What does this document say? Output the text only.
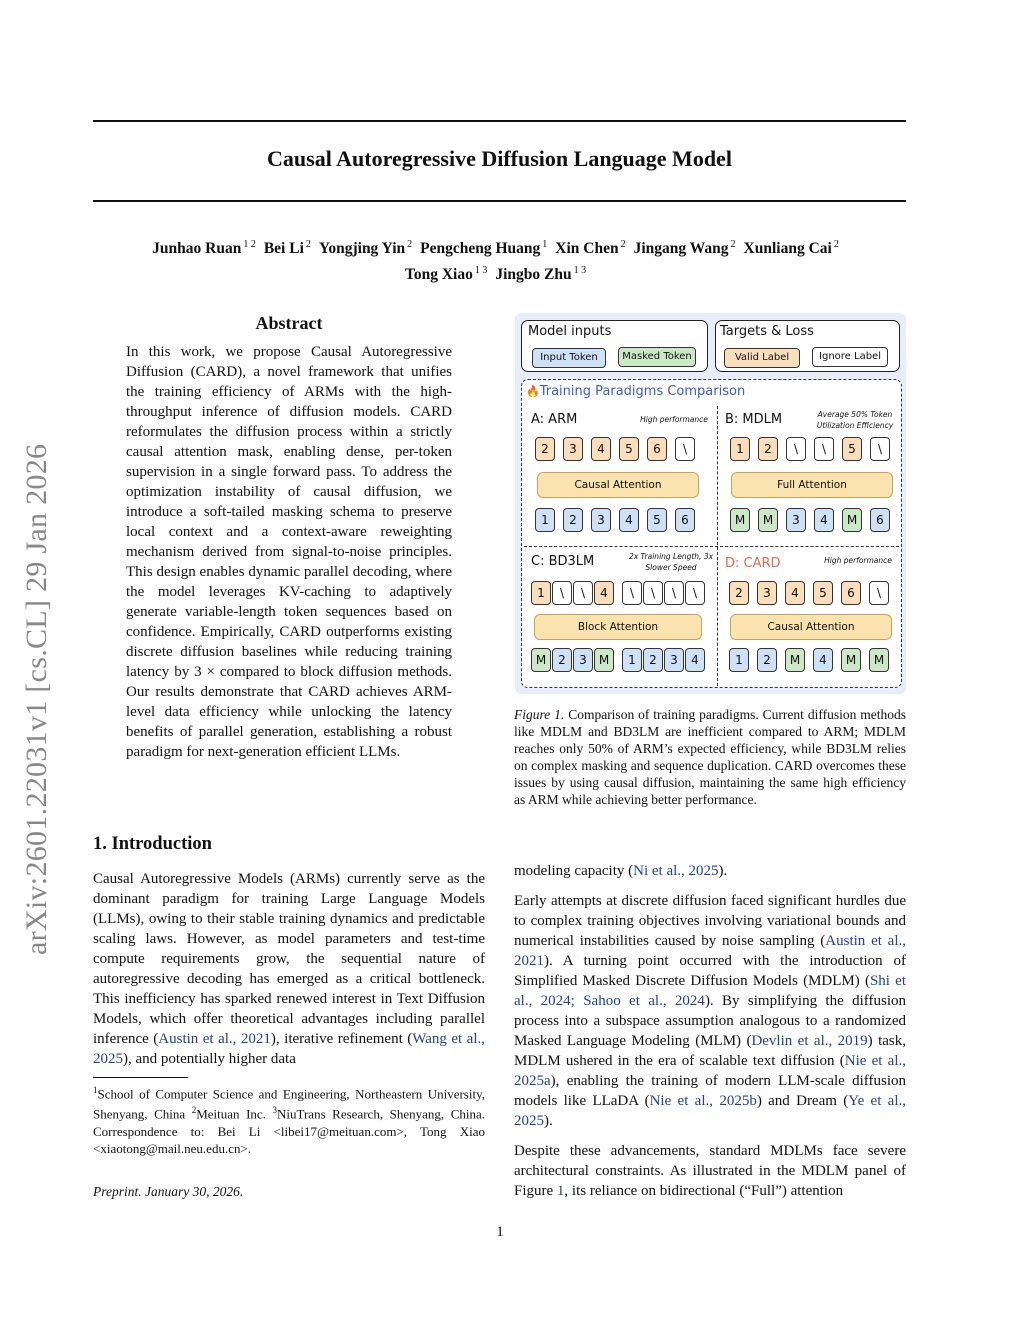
Causal Autoregressive Diffusion Language Model
Junhao Ruan $^{1 2}$ Bei Li $^2$ Yongjing Yin $^2$ Pengcheng Huang $^1$ Xin Chen $^2$ Jingang Wang $^2$ Xunliang Cai $^2$
Tong Xiao $^{1 3}$ Jingbo Zhu $^{1 3}$
arXiv:2601.22031v1 [cs.CL] 29 Jan 2026
Abstract
In this work, we propose Causal Autoregressive Diffusion (CARD), a novel framework that unifies the training efficiency of ARMs with the high-throughput inference of diffusion models. CARD reformulates the diffusion process within a strictly causal attention mask, enabling dense, per-token supervision in a single forward pass. To address the optimization instability of causal diffusion, we introduce a soft-tailed masking schema to preserve local context and a context-aware reweighting mechanism derived from signal-to-noise principles. This design enables dynamic parallel decoding, where the model leverages KV-caching to adaptively generate variable-length token sequences based on confidence. Empirically, CARD outperforms existing discrete diffusion baselines while reducing training latency by 3 × compared to block diffusion methods. Our results demonstrate that CARD achieves ARM-level data efficiency while unlocking the latency benefits of parallel generation, establishing a robust paradigm for next-generation efficient LLMs.
1. Introduction

Causal Autoregressive Models (ARMs) currently serve as the dominant paradigm for training Large Language Models (LLMs), owing to their stable training dynamics and predictable scaling laws. However, as model parameters and test-time compute requirements grow, the sequential nature of autoregressive decoding has emerged as a critical bottleneck. This inefficiency has sparked renewed interest in Text Diffusion Models, which offer theoretical advantages including parallel inference (Austin et al., 2021), iterative refinement (Wang et al., 2025), and potentially higher data

$^1$School of Computer Science and Engineering, Northeastern University, Shenyang, China $^2$Meituan Inc. $^3$NiuTrans Research, Shenyang, China. Correspondence to: Bei Li <libei17@meituan.com>, Tong Xiao <xiaotong@mail.neu.edu.cn>.
Preprint. January 30, 2026.

modeling capacity (Ni et al., 2025).

Early attempts at discrete diffusion faced significant hurdles due to complex training objectives involving variational bounds and numerical instabilities caused by noise sampling (Austin et al., 2021). A turning point occurred with the introduction of Simplified Masked Discrete Diffusion Models (MDLM) (Shi et al., 2024; Sahoo et al., 2024). By simplifying the diffusion process into a subspace assumption analogous to a randomized Masked Language Modeling (MLM) (Devlin et al., 2019) task, MDLM ushered in the era of scalable text diffusion (Nie et al., 2025a), enabling the training of modern LLM-scale diffusion models like LLaDA (Nie et al., 2025b) and Dream (Ye et al., 2025).

Despite these advancements, standard MDLMs face severe architectural constraints. As illustrated in the MDLM panel of Figure 1, its reliance on bidirectional (“Full”) attention

Model inputs
Input Token	Masked Token
Targets & Loss
Valid Label	Ignore Label
🔥Training Paradigms Comparison
A: ARM	High performance
2	3	4	5	6	\
Causal Attention
1	2	3	4	5	6
B: MDLM	Average 50% Token Utilization Efficiency
1	2	\	\	5	\
Full Attention
M	M	3	4	M	6
C: BD3LM	2x Training Length, 3x Slower Speed
1	\	\	4	\	\	\	\
Block Attention
M	2	3	M	1	2	3	4
D: CARD	High performance
2	3	4	5	6	\
Causal Attention
1	2	M	4	M	M
Figure 1. Comparison of training paradigms. Current diffusion methods like MDLM and BD3LM are inefficient compared to ARM; MDLM reaches only 50% of ARM’s expected efficiency, while BD3LM relies on complex masking and sequence duplication. CARD overcomes these issues by using causal diffusion, maintaining the same high efficiency as ARM while achieving better performance.
1
